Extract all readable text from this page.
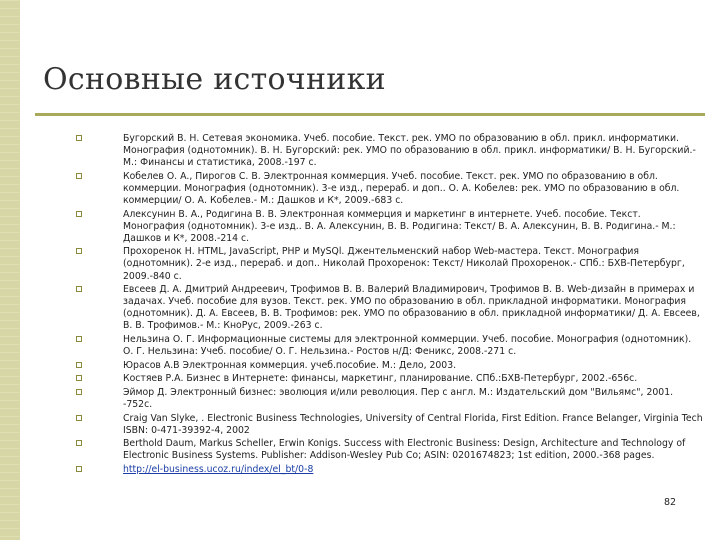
Основные источники
Бугорский В. Н. Сетевая экономика. Учеб. пособие. Текст. рек. УМО по образованию в обл. прикл. информатики. Монография (однотомник). В. Н. Бугорский: рек. УМО по образованию в обл. прикл. информатики/ В. Н. Бугорский.- М.: Финансы и статистика, 2008.-197 с.
Кобелев О. А., Пирогов С. В. Электронная коммерция. Учеб. пособие. Текст. рек. УМО по образованию в обл. коммерции. Монография (однотомник). 3-е изд., перераб. и доп.. О. А. Кобелев: рек. УМО по образованию в обл. коммерции/ О. А. Кобелев.- М.: Дашков и К*, 2009.-683 с.
Алексунин В. А., Родигина В. В. Электронная коммерция и маркетинг в интернете. Учеб. пособие. Текст. Монография (однотомник). 3-е изд.. В. А. Алексунин, В. В. Родигина: Текст/ В. А. Алексунин, В. В. Родигина.- М.: Дашков и К*, 2008.-214 с.
Прохоренок Н. HTML, JavaScript, PHP и MySQl. Джентельменский набор Web-мастера. Текст. Монография (однотомник). 2-е изд., перераб. и доп.. Николай Прохоренок: Текст/ Николай Прохоренок.- СПб.: БХВ-Петербург, 2009.-840 с.
Евсеев Д. А. Дмитрий Андреевич, Трофимов В. В. Валерий Владимирович, Трофимов В. В. Web-дизайн в примерах и задачах. Учеб. пособие для вузов. Текст. рек. УМО по образованию в обл. прикладной информатики. Монография (однотомник). Д. А. Евсеев, В. В. Трофимов: рек. УМО по образованию в обл. прикладной информатики/ Д. А. Евсеев, В. В. Трофимов.- М.: КноРус, 2009.-263 с.
Нельзина О. Г. Информационные системы для электронной коммерции. Учеб. пособие. Монография (однотомник). О. Г. Нельзина: Учеб. пособие/ О. Г. Нельзина.- Ростов н/Д: Феникс, 2008.-271 с.
Юрасов А.В Электронная коммерция. учеб.пособие. М.: Дело, 2003.
Костяев Р.А. Бизнес в Интернете: финансы, маркетинг, планирование. СПб.:БХВ-Петербург, 2002.-656с.
Эймор Д. Электронный бизнес: эволюция и/или революция. Пер с англ. М.: Издательский дом "Вильямс", 2001. -752с.
Craig Van Slyke, . Electronic Business Technologies, University of Central Florida, First Edition. France Belanger, Virginia Tech ISBN: 0-471-39392-4, 2002
Berthold Daum, Markus Scheller, Erwin Konigs. Success with Electronic Business: Design, Architecture and Technology of Electronic Business Systems. Publisher: Addison-Wesley Pub Co; ASIN: 0201674823; 1st edition, 2000.-368 pages.
http://el-business.ucoz.ru/index/el_bt/0-8
82
